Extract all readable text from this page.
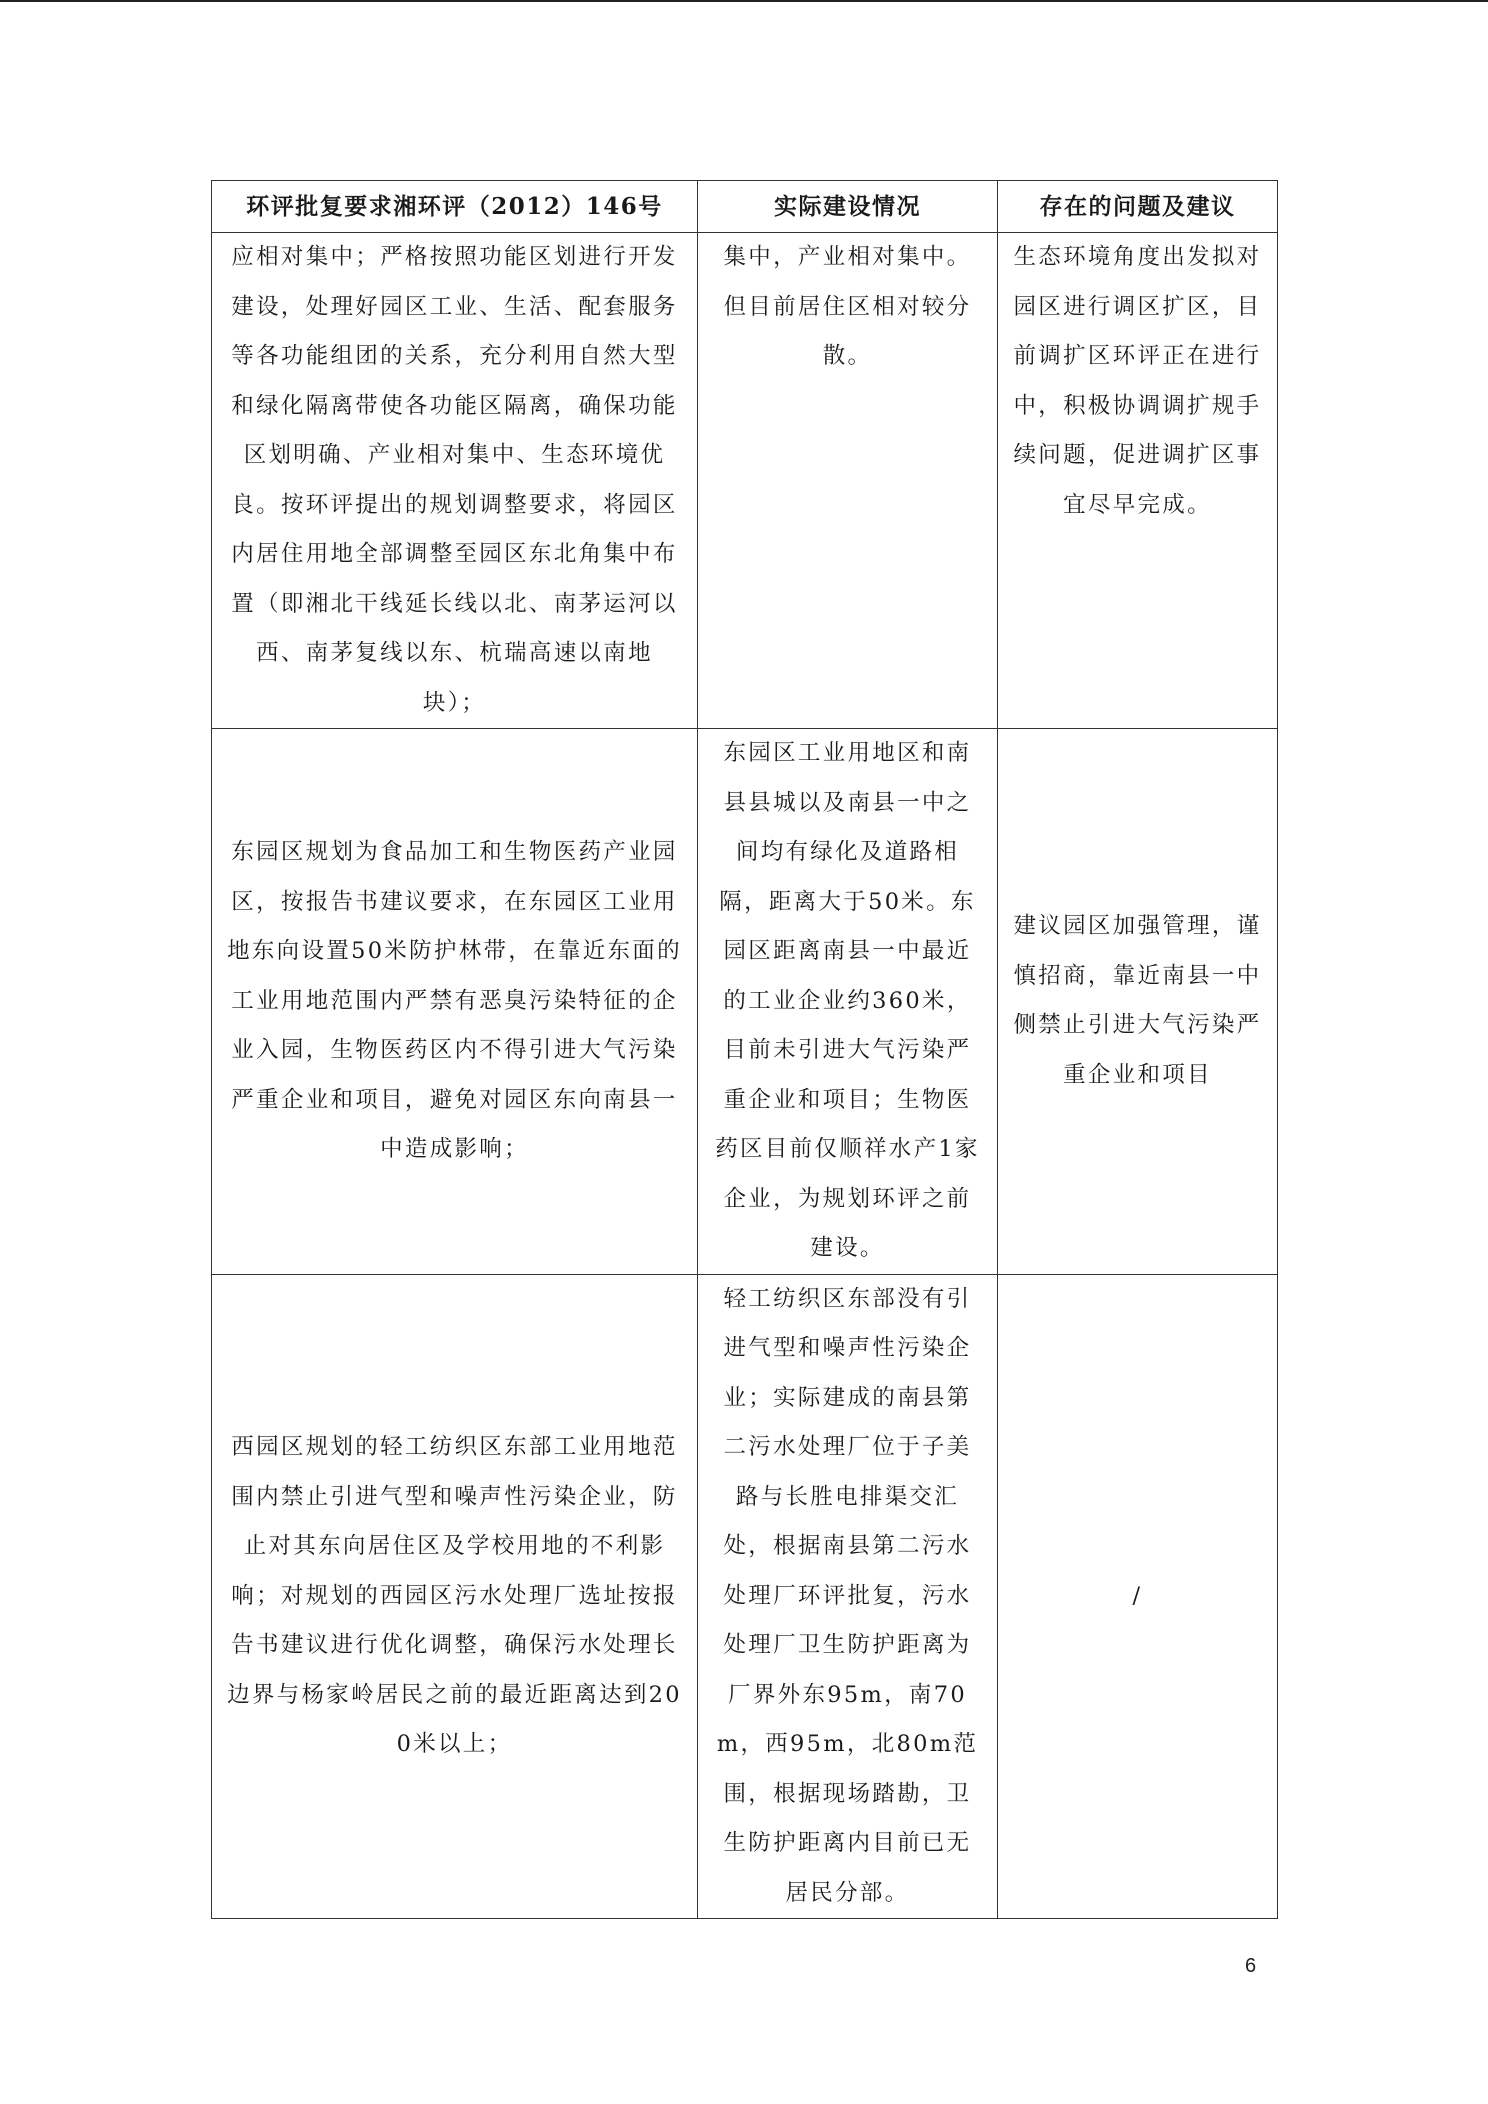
环评批复要求湘环评（2012）146号	实际建设情况	存在的问题及建议

应相对集中；严格按照功能区划进行开发建设，处理好园区工业、生活、配套服务等各功能组团的关系，充分利用自然大型和绿化隔离带使各功能区隔离，确保功能区划明确、产业相对集中、生态环境优良。按环评提出的规划调整要求，将园区内居住用地全部调整至园区东北角集中布置（即湘北干线延长线以北、南茅运河以西、南茅复线以东、杭瑞高速以南地块）；	集中，产业相对集中。但目前居住区相对较分散。	生态环境角度出发拟对园区进行调区扩区，目前调扩区环评正在进行中，积极协调调扩规手续问题，促进调扩区事宜尽早完成。

东园区规划为食品加工和生物医药产业园区，按报告书建议要求，在东园区工业用地东向设置50米防护林带，在靠近东面的工业用地范围内严禁有恶臭污染特征的企业入园，生物医药区内不得引进大气污染严重企业和项目，避免对园区东向南县一中造成影响；	东园区工业用地区和南县县城以及南县一中之间均有绿化及道路相隔，距离大于50米。东园区距离南县一中最近的工业企业约360米，目前未引进大气污染严重企业和项目；生物医药区目前仅顺祥水产1家企业，为规划环评之前建设。	建议园区加强管理，谨慎招商，靠近南县一中侧禁止引进大气污染严重企业和项目

西园区规划的轻工纺织区东部工业用地范围内禁止引进气型和噪声性污染企业，防止对其东向居住区及学校用地的不利影响；对规划的西园区污水处理厂选址按报告书建议进行优化调整，确保污水处理长边界与杨家岭居民之前的最近距离达到200米以上；	轻工纺织区东部没有引进气型和噪声性污染企业；实际建成的南县第二污水处理厂位于子美路与长胜电排渠交汇处，根据南县第二污水处理厂环评批复，污水处理厂卫生防护距离为厂界外东95m，南70m，西95m，北80m范围，根据现场踏勘，卫生防护距离内目前已无居民分部。	/
6
